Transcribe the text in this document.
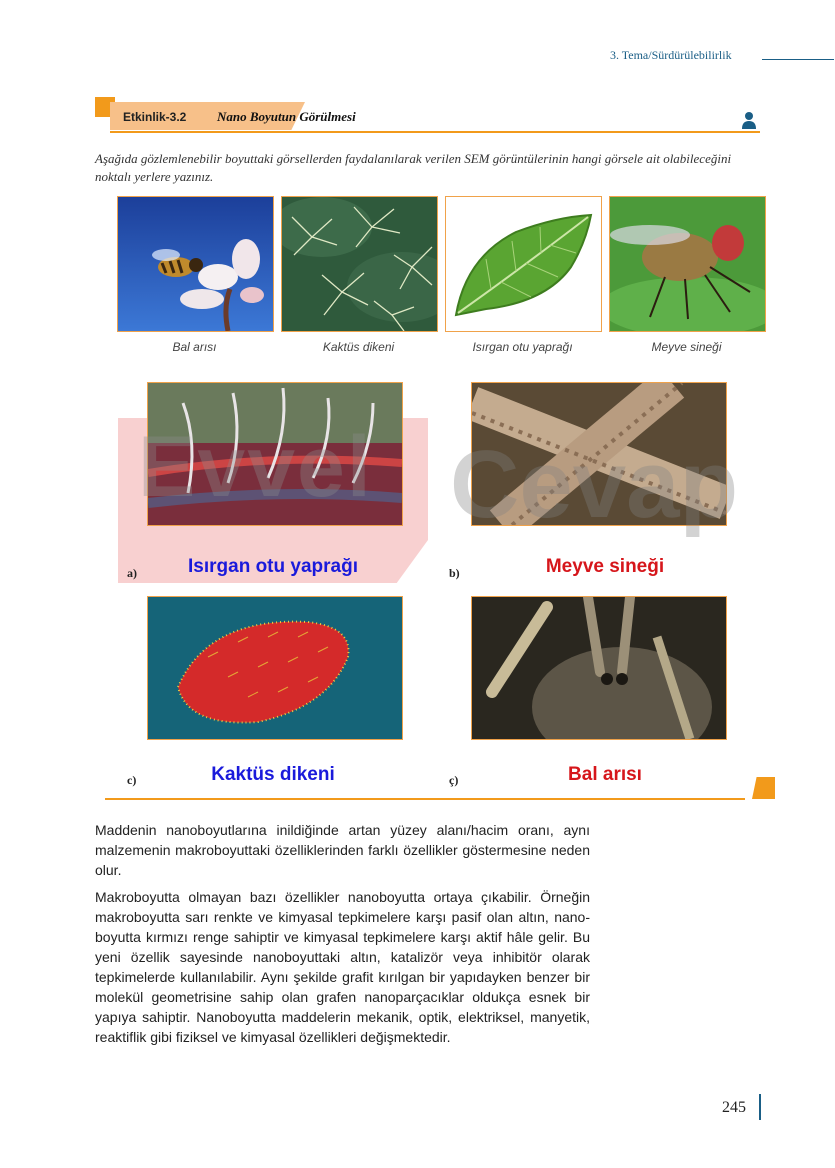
3. Tema/Sürdürülebilirlik
Etkinlik-3.2 Nano Boyutun Görülmesi
Aşağıda gözlemlenebilir boyuttaki görsellerden faydalanılarak verilen SEM görüntülerinin hangi görsele ait olabileceğini noktalı yerlere yazınız.
Bal arısı	Kaktüs dikeni	Isırgan otu yaprağı	Meyve sineği
Evvel Cevap
a)	Isırgan otu yaprağı	b)	Meyve sineği
c)	Kaktüs dikeni	ç)	Bal arısı

Maddenin nanoboyutlarına inildiğinde artan yüzey alanı/hacim oranı, aynı malzemenin makroboyuttaki özelliklerinden farklı özellikler göstermesine neden olur.

Makroboyutta olmayan bazı özellikler nanoboyutta ortaya çıkabilir. Örneğin makroboyutta sarı renkte ve kimyasal tepkimelere karşı pasif olan altın, nano-boyutta kırmızı renge sahiptir ve kimyasal tepkimelere karşı aktif hâle gelir. Bu yeni özellik sayesinde nanoboyuttaki altın, katalizör veya inhibitör olarak tepkimelerde kullanılabilir. Aynı şekilde grafit kırılgan bir yapıdayken benzer bir molekül geometrisine sahip olan grafen nanoparçacıklar oldukça esnek bir yapıya sahiptir. Nanoboyutta maddelerin mekanik, optik, elektriksel, manyetik, reaktiflik gibi fiziksel ve kimyasal özellikleri değişmektedir.

245
